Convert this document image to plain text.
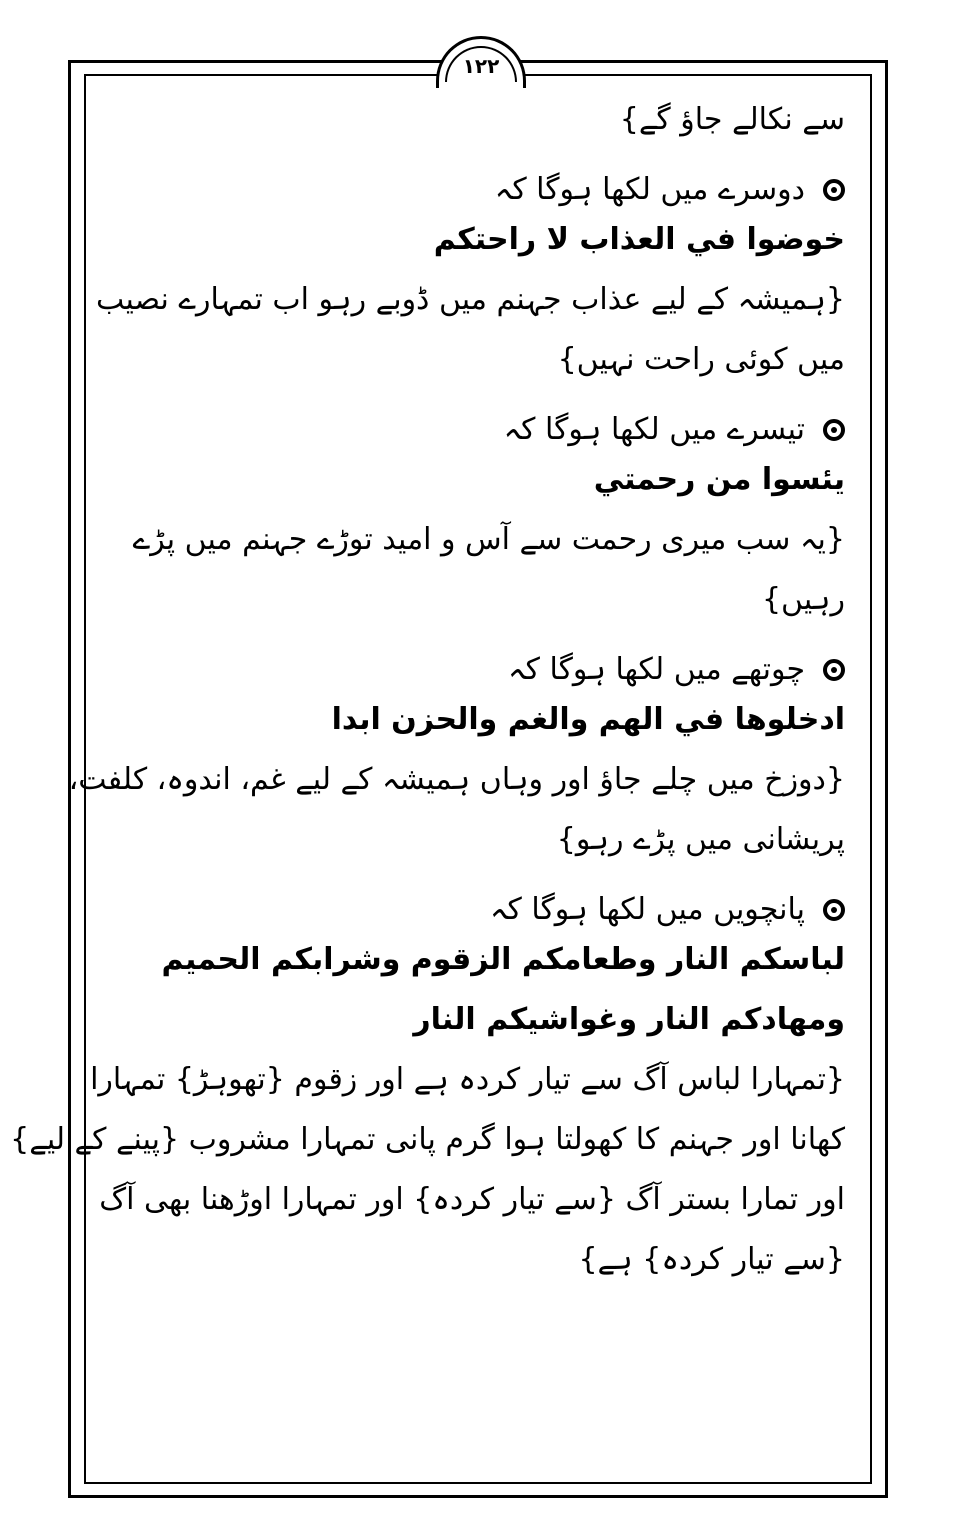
۱۲۲
سے نکالے جاؤ گے}
دوسرے میں لکھا ہوگا کہ
خوضوا في العذاب لا راحتكم
{ہمیشہ کے لیے عذاب جہنم میں ڈوبے رہو اب تمہارے نصیب
میں کوئی راحت نہیں}
تیسرے میں لکھا ہوگا کہ
يئسوا من رحمتي
{یہ سب میری رحمت سے آس و امید توڑے جہنم میں پڑے
رہیں}
چوتھے میں لکھا ہوگا کہ
ادخلوها في الهم والغم والحزن ابدا
{دوزخ میں چلے جاؤ اور وہاں ہمیشہ کے لیے غم، اندوہ، کلفت،
پریشانی میں پڑے رہو}
پانچویں میں لکھا ہوگا کہ
لباسكم النار وطعامكم الزقوم وشرابكم الحميم
ومهادكم النار وغواشيكم النار
{تمہارا لباس آگ سے تیار کردہ ہے اور زقوم {تھوہڑ} تمہارا
کھانا اور جہنم کا کھولتا ہوا گرم پانی تمہارا مشروب {پینے کے لیے}
اور تمارا بستر آگ {سے تیار کردہ} اور تمہارا اوڑھنا بھی آگ
{سے تیار کردہ} ہے}
